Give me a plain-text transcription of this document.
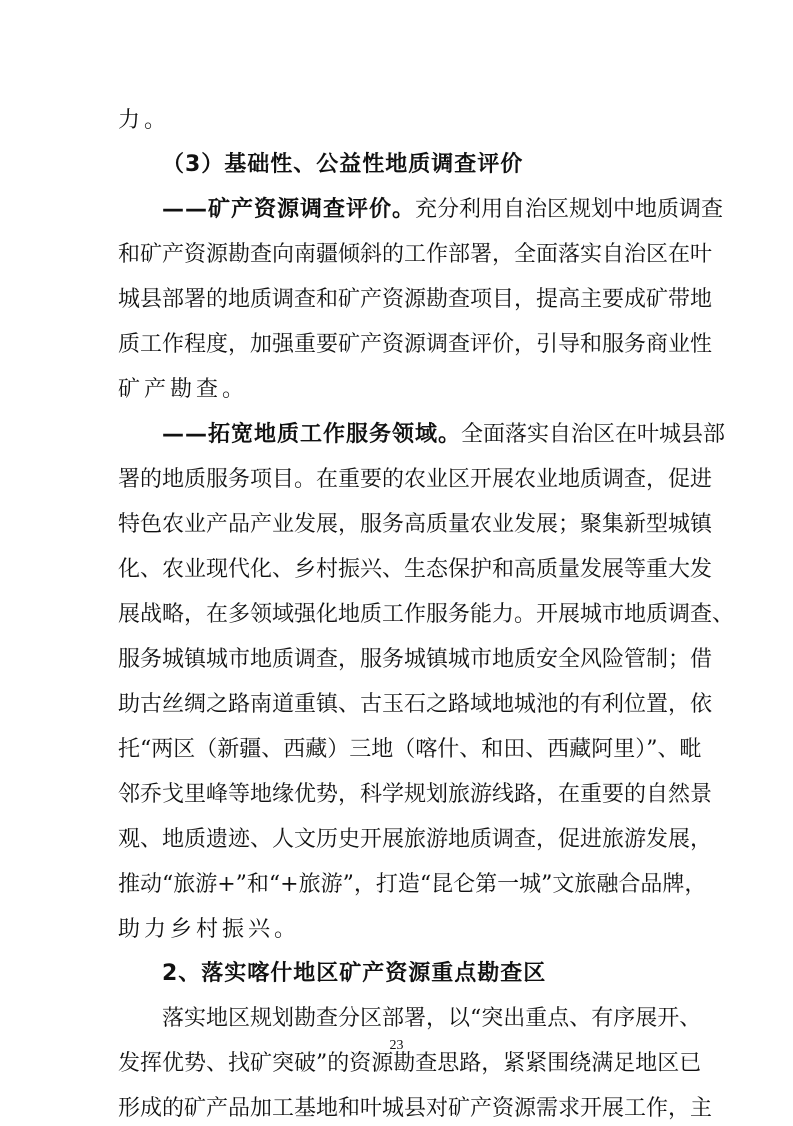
力。
（3）基础性、公益性地质调查评价
——矿产资源调查评价。充分利用自治区规划中地质调查
和矿产资源勘查向南疆倾斜的工作部署，全面落实自治区在叶
城县部署的地质调查和矿产资源勘查项目，提高主要成矿带地
质工作程度，加强重要矿产资源调查评价，引导和服务商业性
矿产勘查。
——拓宽地质工作服务领域。全面落实自治区在叶城县部
署的地质服务项目。在重要的农业区开展农业地质调查，促进
特色农业产品产业发展，服务高质量农业发展；聚集新型城镇
化、农业现代化、乡村振兴、生态保护和高质量发展等重大发
展战略，在多领域强化地质工作服务能力。开展城市地质调查、
服务城镇城市地质调查，服务城镇城市地质安全风险管制；借
助古丝绸之路南道重镇、古玉石之路域地城池的有利位置，依
托“两区（新疆、西藏）三地（喀什、和田、西藏阿里）”、毗
邻乔戈里峰等地缘优势，科学规划旅游线路，在重要的自然景
观、地质遗迹、人文历史开展旅游地质调查，促进旅游发展，
推动“旅游+”和“+旅游”，打造“昆仑第一城”文旅融合品牌，
助力乡村振兴。
2、落实喀什地区矿产资源重点勘查区
落实地区规划勘查分区部署，以“突出重点、有序展开、
发挥优势、找矿突破”的资源勘查思路，紧紧围绕满足地区已
形成的矿产品加工基地和叶城县对矿产资源需求开展工作，主
23
